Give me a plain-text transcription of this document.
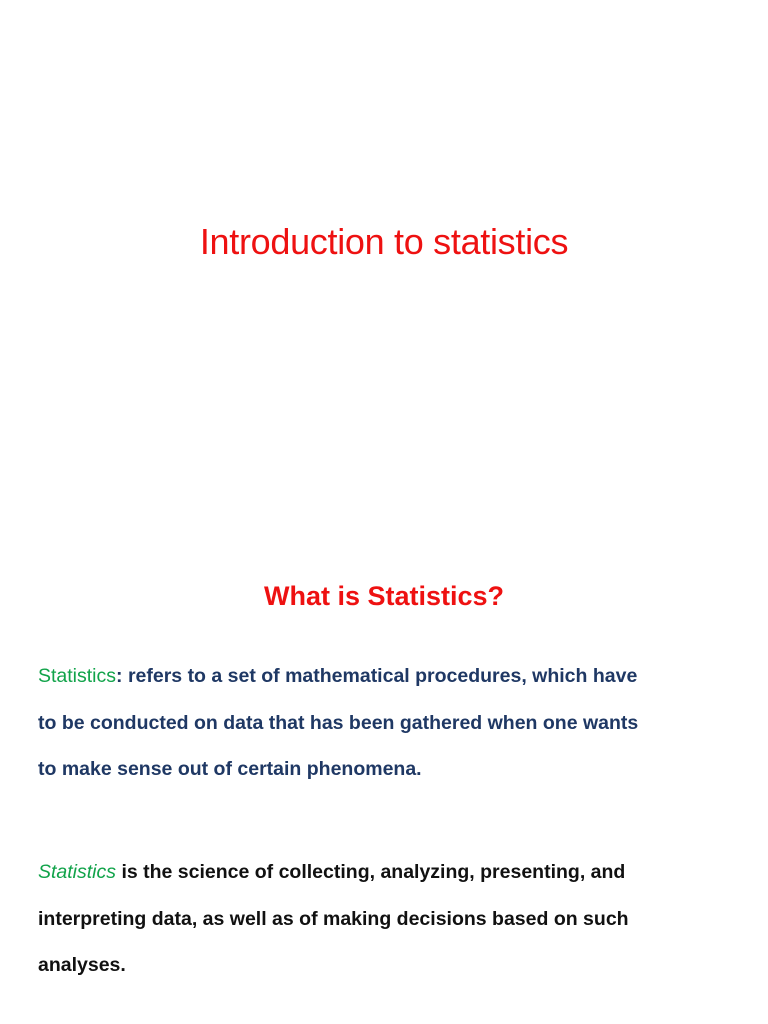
Introduction to statistics
What is Statistics?

Statistics: refers to a set of mathematical procedures, which have
to be conducted on data that has been gathered when one wants
to make sense out of certain phenomena.

Statistics is the science of collecting, analyzing, presenting, and
interpreting data, as well as of making decisions based on such
analyses.
